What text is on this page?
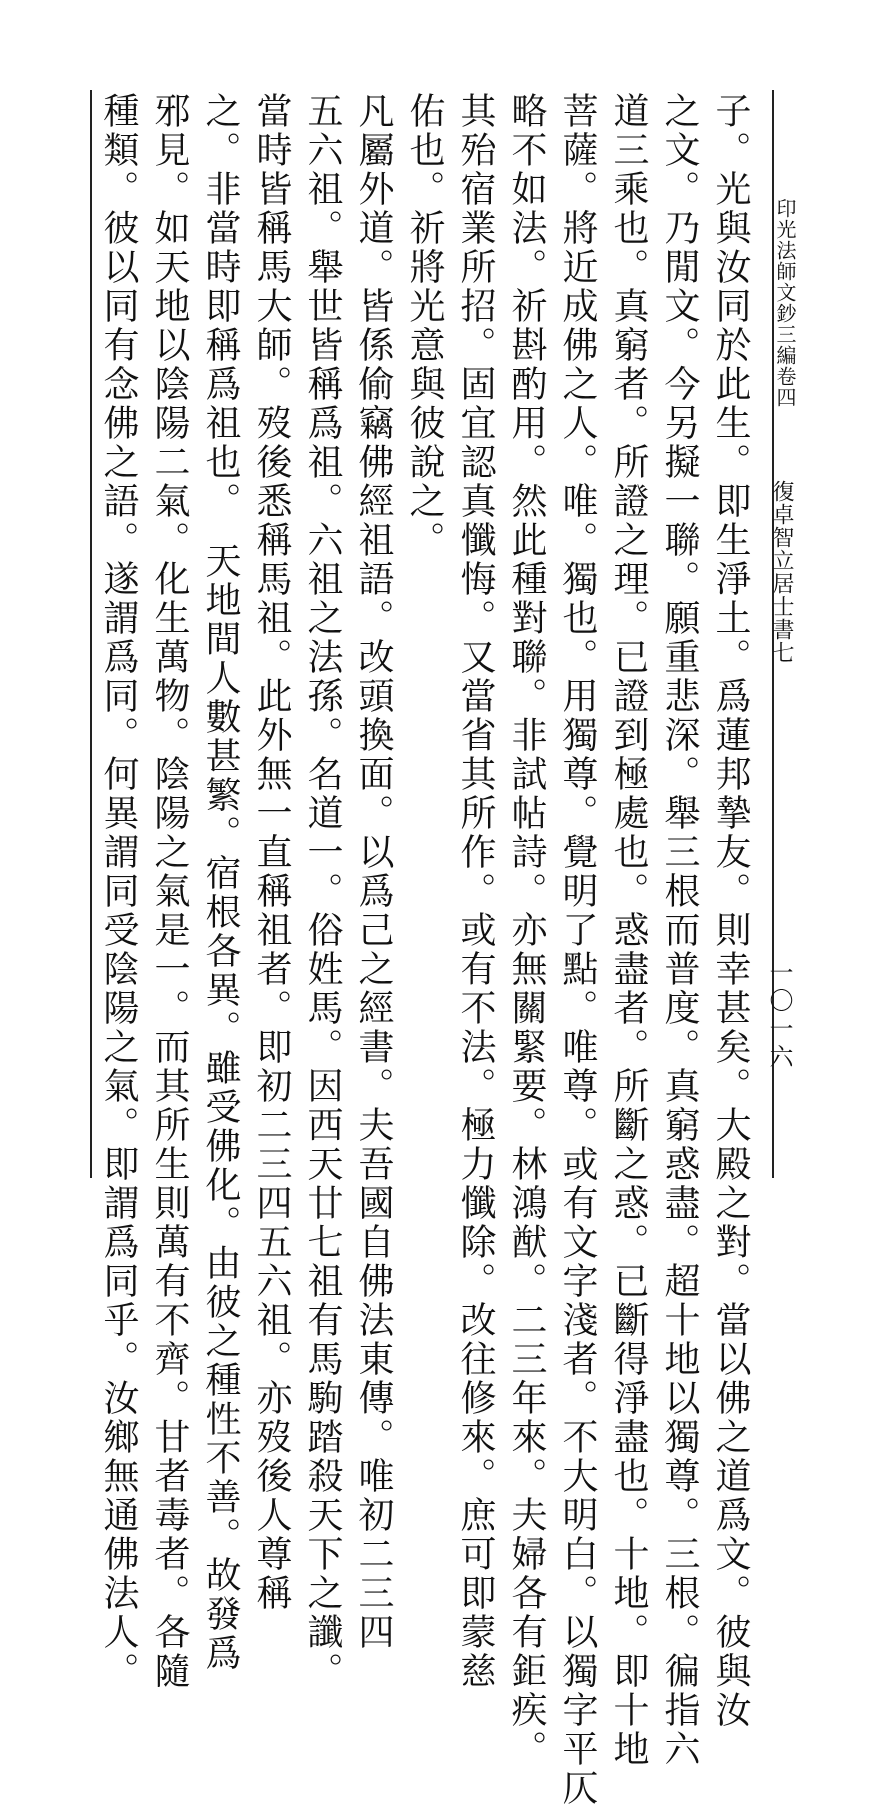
印光法師文鈔三編卷四
復卓智立居士書七
一〇一六
子。光與汝同於此生。即生淨土。爲蓮邦摯友。則幸甚矣。大殿之對。當以佛之道爲文。彼與汝
之文。乃閒文。今另擬一聯。願重悲深。舉三根而普度。真窮惑盡。超十地以獨尊。三根。徧指六
道三乘也。真窮者。所證之理。已證到極處也。惑盡者。所斷之惑。已斷得淨盡也。十地。即十地
菩薩。將近成佛之人。唯。獨也。用獨尊。覺明了點。唯尊。或有文字淺者。不大明白。以獨字平仄
略不如法。祈斟酌用。然此種對聯。非試帖詩。亦無關緊要。林鴻猷。二三年來。夫婦各有鉅疾。
其殆宿業所招。固宜認真懺悔。又當省其所作。或有不法。極力懺除。改往修來。庶可即蒙慈
佑也。祈將光意與彼說之。
凡屬外道。皆係偷竊佛經祖語。改頭換面。以爲己之經書。夫吾國自佛法東傳。唯初二三四
五六祖。舉世皆稱爲祖。六祖之法孫。名道一。俗姓馬。因西天廿七祖有馬駒踏殺天下之讖。
當時皆稱馬大師。歿後悉稱馬祖。此外無一直稱祖者。即初二三四五六祖。亦歿後人尊稱
之。非當時即稱爲祖也。　天地間人數甚繁。宿根各異。雖受佛化。由彼之種性不善。故發爲
邪見。如天地以陰陽二氣。化生萬物。陰陽之氣是一。而其所生則萬有不齊。甘者毒者。各隨
種類。彼以同有念佛之語。遂謂爲同。何異謂同受陰陽之氣。即謂爲同乎。汝鄉無通佛法人。
